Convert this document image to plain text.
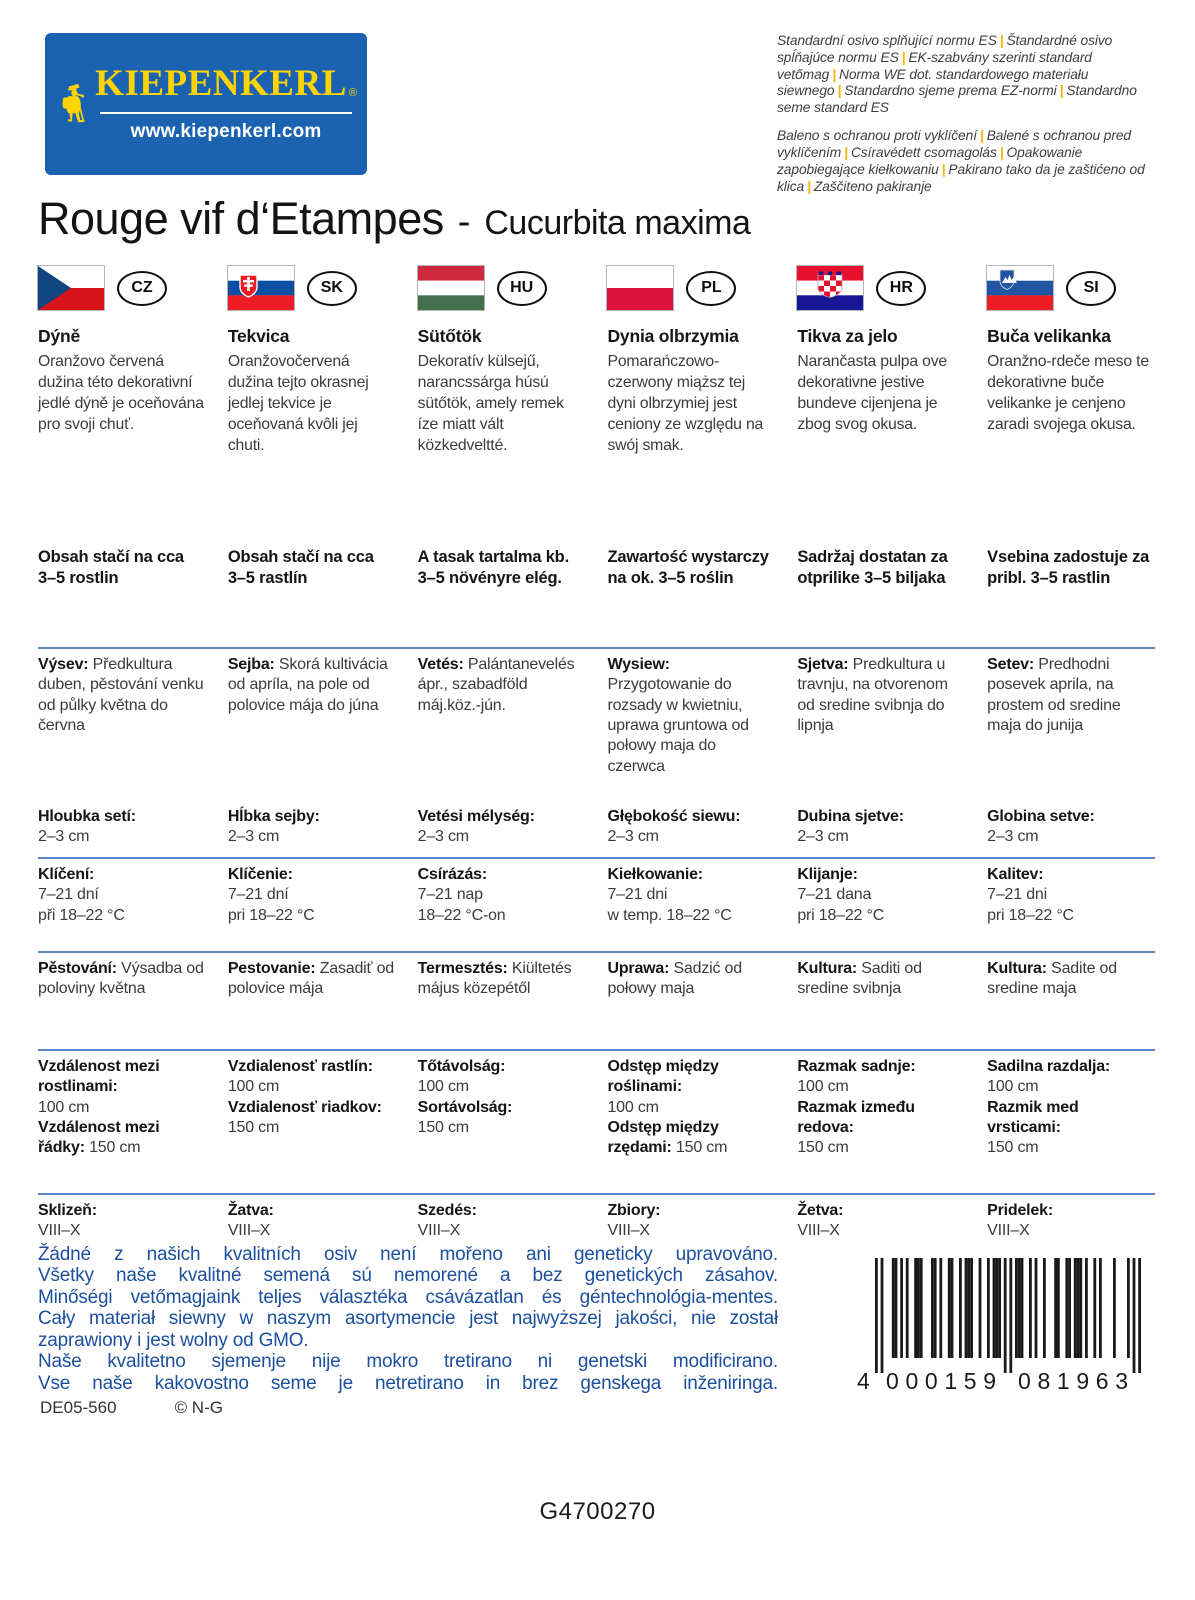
KIEPENKERL ®
www.kiepenkerl.com

Standardní osivo splňující normu ES | Štandardné osivo spĺňajúce normu ES | EK-szabvány szerinti standard vetőmag | Norma WE dot. standardowego materiału siewnego | Standardno sjeme prema EZ-normi | Standardno seme standard ES

Baleno s ochranou proti vyklíčení | Balené s ochranou pred vyklíčením | Csíravédett csomagolás | Opakowanie zapobiegające kiełkowaniu | Pakirano tako da je zaštićeno od klica | Zaščiteno pakiranje

Rouge vif d‘Etampes - Cucurbita maxima
CZ
Dýně
Oranžovo červená dužina této dekorativní jedlé dýně je oceňována pro svoji chuť.
SK
Tekvica
Oranžovočervená dužina tejto okrasnej jedlej tekvice je oceňovaná kvôli jej chuti.
HU
Sütőtök
Dekoratív külsejű, narancssárga húsú sütőtök, amely remek íze miatt vált közkedveltté.
PL
Dynia olbrzymia
Pomarańczowo-czerwony miąższ tej dyni olbrzymiej jest ceniony ze względu na swój smak.
HR
Tikva za jelo
Narančasta pulpa ove dekorativne jestive bundeve cijenjena je zbog svog okusa.
SI
Buča velikanka
Oranžno-rdeče meso te dekorativne buče velikanke je cenjeno zaradi svojega okusa.

Obsah stačí na cca 3–5 rostlin

Obsah stačí na cca 3–5 rastlín

A tasak tartalma kb. 3–5 növényre elég.

Zawartość wystarczy na ok. 3–5 roślin

Sadržaj dostatan za otprilike 3–5 biljaka

Vsebina zadostuje za pribl. 3–5 rastlin

Výsev: Předkultura duben, pěstování venku od půlky května do června

Sejba: Skorá kultivácia od apríla, na pole od polovice mája do júna

Vetés: Palántanevelés ápr., szabadföld máj.köz.-jún.

Wysiew: Przygotowanie do rozsady w kwietniu, uprawa gruntowa od połowy maja do czerwca

Sjetva: Predkultura u travnju, na otvorenom od sredine svibnja do lipnja

Setev: Predhodni posevek aprila, na prostem od sredine maja do junija

Hloubka setí:

2–3 cm

Hĺbka sejby:

2–3 cm

Vetési mélység:

2–3 cm

Głębokość siewu:

2–3 cm

Dubina sjetve:

2–3 cm

Globina setve:

2–3 cm

Klíčení:

7–21 dní

při 18–22 °C

Klíčenie:

7–21 dní

pri 18–22 °C

Csírázás:

7–21 nap

18–22 °C-on

Kiełkowanie:

7–21 dni

w temp. 18–22 °C

Klijanje:

7–21 dana

pri 18–22 °C

Kalitev:

7–21 dni

pri 18–22 °C

Pěstování: Výsadba od poloviny května

Pestovanie: Zasadiť od polovice mája

Termesztés: Kiültetés május közepétől

Uprawa: Sadzić od połowy maja

Kultura: Saditi od sredine svibnja

Kultura: Sadite od sredine maja

Vzdálenost mezi rostlinami:

100 cm

Vzdálenost mezi řádky: 150 cm

Vzdialenosť rastlín:

100 cm

Vzdialenosť riadkov: 150 cm

Tőtávolság:

100 cm

Sortávolság:

150 cm

Odstęp między roślinami:

100 cm

Odstęp między rzędami: 150 cm

Razmak sadnje:

100 cm

Razmak između redova:

150 cm

Sadilna razdalja:

100 cm

Razmik med vrsticami:

150 cm

Sklizeň:

VIII–X

Žatva:

VIII–X

Szedés:

VIII–X

Zbiory:

VIII–X

Žetva:

VIII–X

Pridelek:

VIII–X

Žádné z našich kvalitních osiv není mořeno ani geneticky upravováno.

Všetky naše kvalitné semená sú nemorené a bez genetických zásahov.

Minőségi vetőmagjaink teljes választéka csávázatlan és géntechnológia-mentes.

Cały materiał siewny w naszym asortymencie jest najwyższej jakości, nie został zaprawiony i jest wolny od GMO.

Naše kvalitetno sjemenje nije mokro tretirano ni genetski modificirano.

Vse naše kakovostno seme je netretirano in brez genskega inženiringa.	4 000159 081963
DE05-560	© N-G
G4700270
